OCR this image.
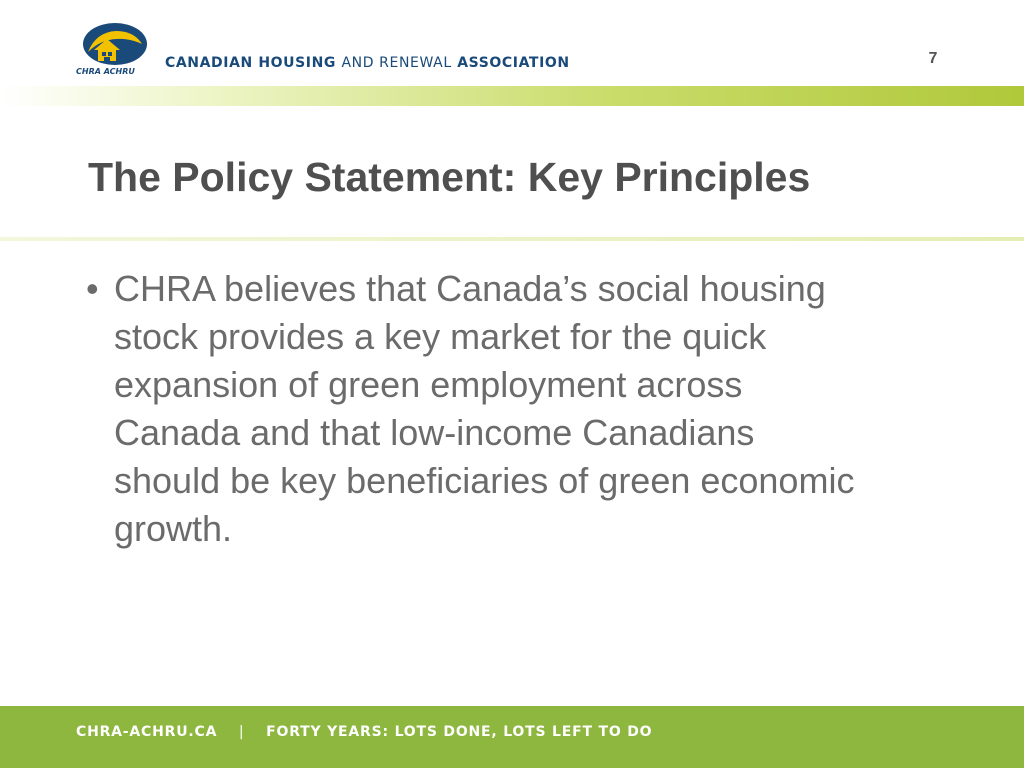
CHRA ACHRU
CANADIAN HOUSING AND RENEWAL ASSOCIATION	7
The Policy Statement: Key Principles
• CHRA believes that Canada’s social housing
stock provides a key market for the quick
expansion of green employment across
Canada and that low-income Canadians
should be key beneficiaries of green economic
growth.
CHRA-ACHRU.CA | FORTY YEARS: LOTS DONE, LOTS LEFT TO DO
